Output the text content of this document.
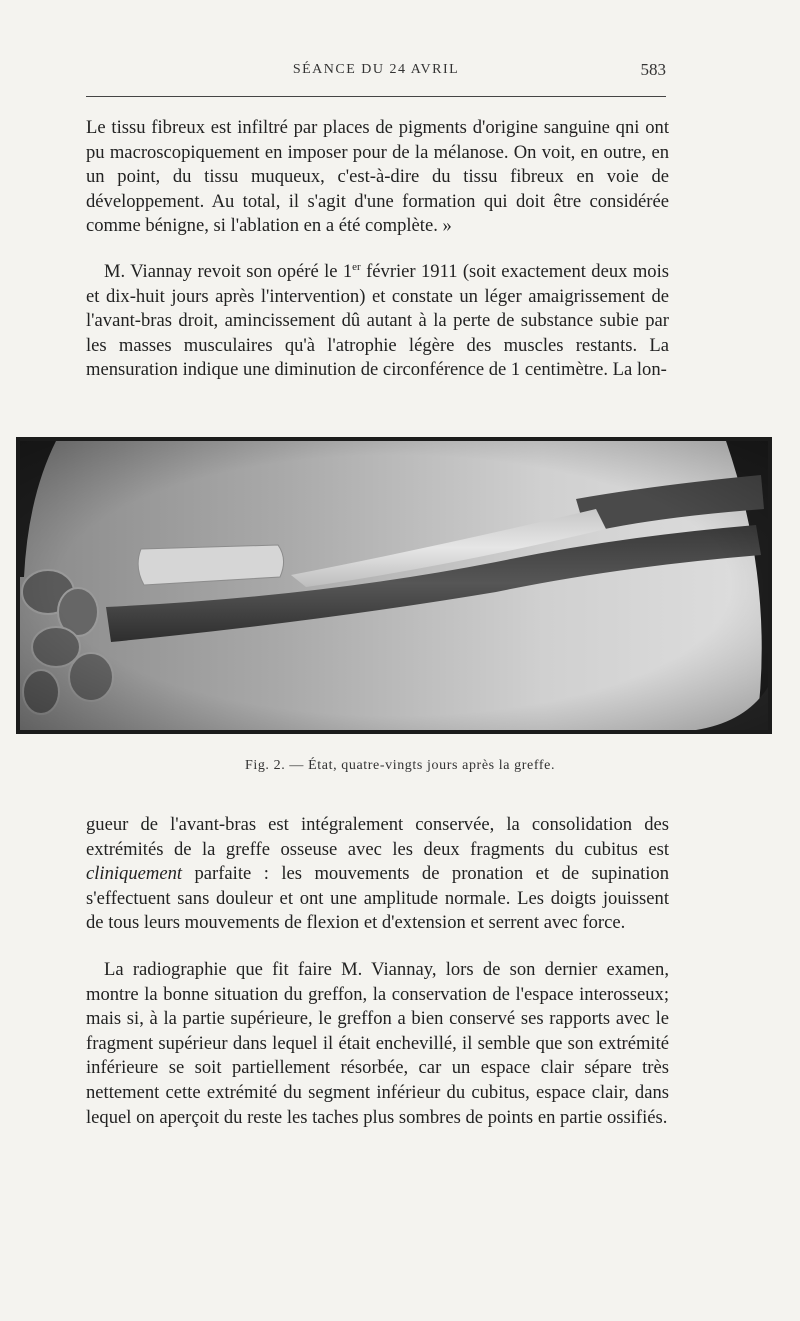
SÉANCE DU 24 AVRIL	583

Le tissu fibreux est infiltré par places de pigments d'origine sanguine qni ont pu macroscopiquement en imposer pour de la mélanose. On voit, en outre, en un point, du tissu muqueux, c'est-à-dire du tissu fibreux en voie de développement. Au total, il s'agit d'une formation qui doit être considérée comme bénigne, si l'ablation en a été complète. »

M. Viannay revoit son opéré le 1er février 1911 (soit exactement deux mois et dix-huit jours après l'intervention) et constate un léger amaigrissement de l'avant-bras droit, amincissement dû autant à la perte de substance subie par les masses musculaires qu'à l'atrophie légère des muscles restants. La mensuration indique une diminution de circonférence de 1 centimètre. La lon-

Fig. 2. — État, quatre-vingts jours après la greffe.

gueur de l'avant-bras est intégralement conservée, la consolidation des extrémités de la greffe osseuse avec les deux fragments du cubitus est cliniquement parfaite : les mouvements de pronation et de supination s'effectuent sans douleur et ont une amplitude normale. Les doigts jouissent de tous leurs mouvements de flexion et d'extension et serrent avec force.

La radiographie que fit faire M. Viannay, lors de son dernier examen, montre la bonne situation du greffon, la conservation de l'espace interosseux; mais si, à la partie supérieure, le greffon a bien conservé ses rapports avec le fragment supérieur dans lequel il était enchevillé, il semble que son extrémité inférieure se soit partiellement résorbée, car un espace clair sépare très nettement cette extrémité du segment inférieur du cubitus, espace clair, dans lequel on aperçoit du reste les taches plus sombres de points en partie ossifiés.
